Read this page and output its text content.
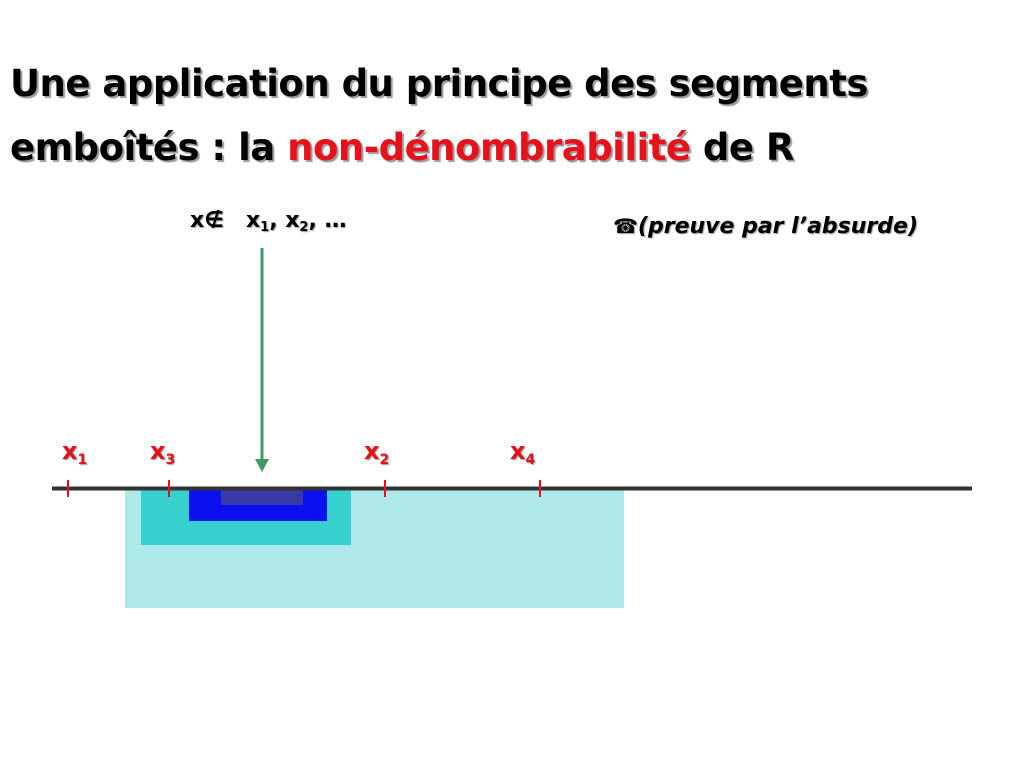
Une application du principe des segments
emboîtés : la non-dénombrabilité de R
x∉ $x_1$, $x_2$, …	☎(preuve par l’absurde)
$x_1$	$x_3$	$x_2$	$x_4$
